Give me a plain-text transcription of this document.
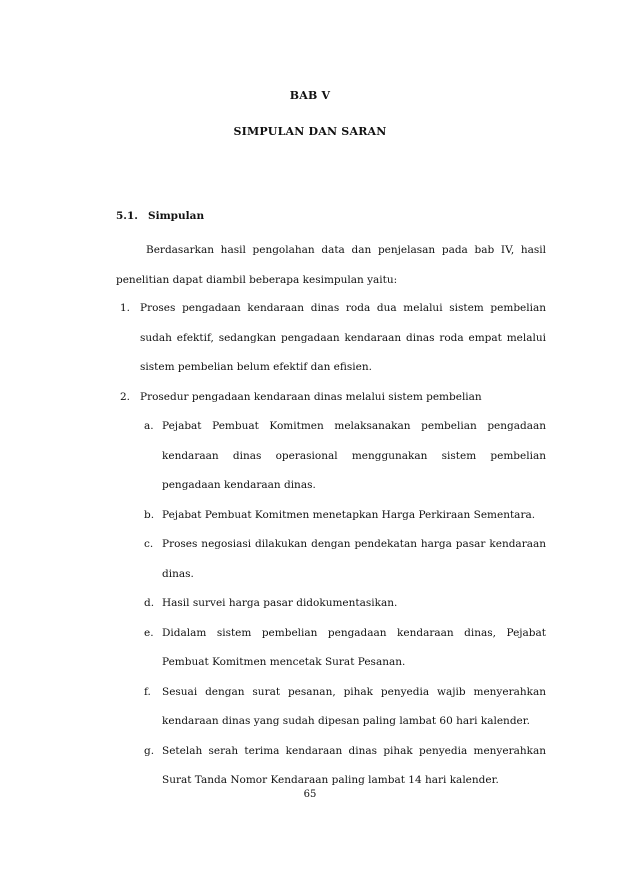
BAB V
SIMPULAN DAN SARAN
5.1. Simpulan

Berdasarkan hasil pengolahan data dan penjelasan pada bab IV, hasil penelitian dapat diambil beberapa kesimpulan yaitu:

1. Proses pengadaan kendaraan dinas roda dua melalui sistem pembelian sudah efektif, sedangkan pengadaan kendaraan dinas roda empat melalui sistem pembelian belum efektif dan efisien.
2. Prosedur pengadaan kendaraan dinas melalui sistem pembelian
a. Pejabat Pembuat Komitmen melaksanakan pembelian pengadaan kendaraan dinas operasional menggunakan sistem pembelian pengadaan kendaraan dinas.
b. Pejabat Pembuat Komitmen menetapkan Harga Perkiraan Sementara.
c. Proses negosiasi dilakukan dengan pendekatan harga pasar kendaraan dinas.
d. Hasil survei harga pasar didokumentasikan.
e. Didalam sistem pembelian pengadaan kendaraan dinas, Pejabat Pembuat Komitmen mencetak Surat Pesanan.
f. Sesuai dengan surat pesanan, pihak penyedia wajib menyerahkan kendaraan dinas yang sudah dipesan paling lambat 60 hari kalender.
g. Setelah serah terima kendaraan dinas pihak penyedia menyerahkan Surat Tanda Nomor Kendaraan paling lambat 14 hari kalender.
65
